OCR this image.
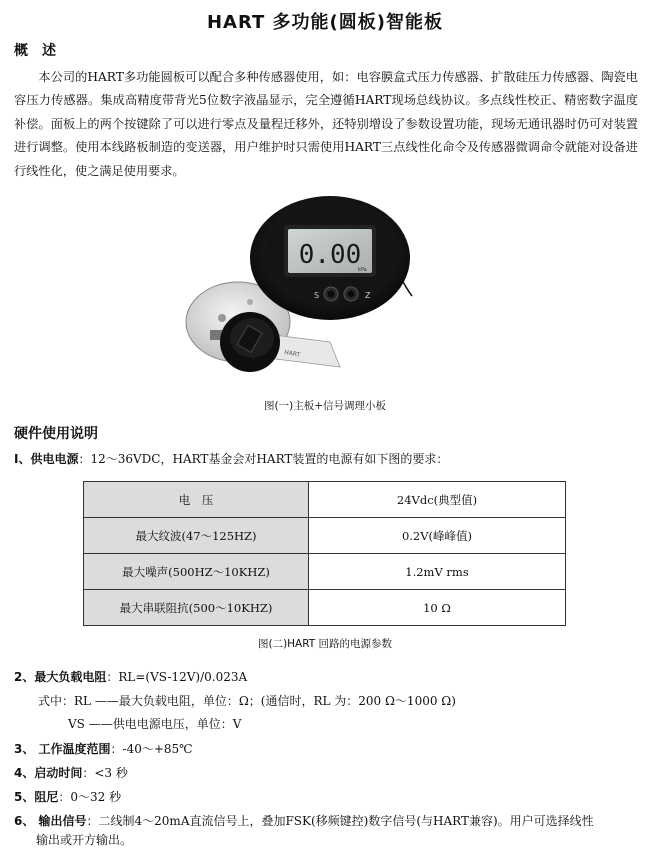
HART 多功能(圆板)智能板
概　述

本公司的HART多功能圆板可以配合多种传感器使用，如：电容膜盒式压力传感器、扩散硅压力传感器、陶瓷电容压力传感器。集成高精度带背光5位数字液晶显示，完全遵循HART现场总线协议。多点线性校正、精密数字温度补偿。面板上的两个按键除了可以进行零点及量程迁移外，还特别增设了参数设置功能，现场无通讯器时仍可对装置进行调整。使用本线路板制造的变送器，用户维护时只需使用HART三点线性化命令及传感器微调命令就能对设备进行线性化，使之满足使用要求。

HART
0.00
kPa
S	Z
图(一)主板+信号调理小板
硬件使用说明
Ⅰ、供电电源：12～36VDC，HART基金会对HART装置的电源有如下图的要求：
电　压	24Vdc(典型值)
最大纹波(47～125HZ)	0.2V(峰峰值)
最大噪声(500HZ～10KHZ)	1.2mV rms
最大串联阻抗(500～10KHZ)	10 Ω
图(二)HART 回路的电源参数
2、最大负载电阻：RL=(VS-12V)/0.023A
式中：RL ——最大负载电阻，单位：Ω；(通信时，RL 为：200 Ω～1000 Ω)
VS ——供电电源电压，单位：V
3、 工作温度范围：-40～+85℃
4、启动时间：<3 秒
5、阻尼：0～32 秒
6、 输出信号：二线制4～20mA直流信号上，叠加FSK(移频键控)数字信号(与HART兼容)。用户可选择线性
输出或开方输出。
